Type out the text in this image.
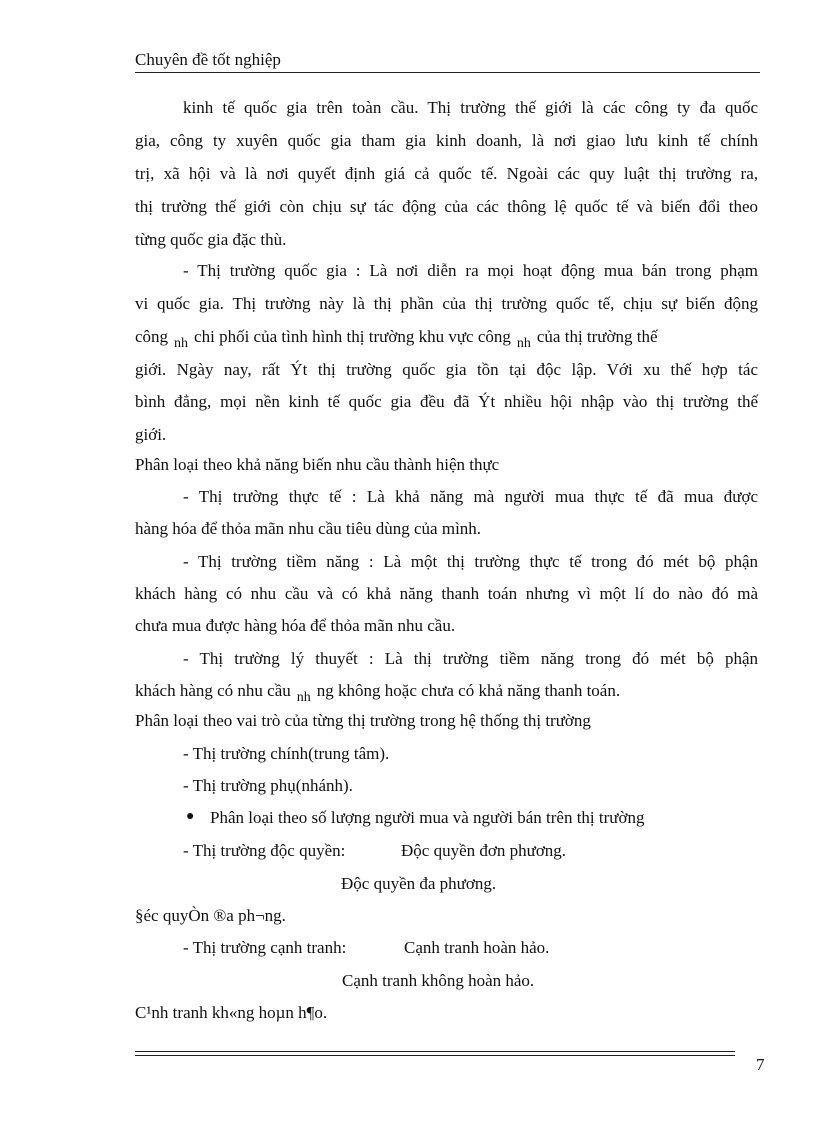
Chuyên đề tốt nghiệp
kinh tế quốc gia trên toàn cầu. Thị trường thế giới là các công ty đa quốc
gia, công ty xuyên quốc gia tham gia kinh doanh, là nơi giao lưu kinh tế chính
trị, xã hội và là nơi quyết định giá cả quốc tế. Ngoài các quy luật thị trường ra,
thị trường thế giới còn chịu sự tác động của các thông lệ quốc tế và biến đổi theo
từng quốc gia đặc thù.
- Thị trường quốc gia : Là nơi diễn ra mọi hoạt động mua bán trong phạm
vi quốc gia. Thị trường này là thị phần của thị trường quốc tế, chịu sự biến động
công $_{nh}$ chi phối của tình hình thị trường khu vực công $_{nh}$ của thị trường thế
giới. Ngày nay, rất Ýt thị trường quốc gia tồn tại độc lập. Với xu thế hợp tác
bình đẳng, mọi nền kinh tế quốc gia đều đã Ýt nhiều hội nhập vào thị trường thế
giới.
Phân loại theo khả năng biến nhu cầu thành hiện thực
- Thị trường thực tế : Là khả năng mà người mua thực tế đã mua được
hàng hóa để thỏa mãn nhu cầu tiêu dùng của mình.
- Thị trường tiềm năng : Là một thị trường thực tế trong đó mét bộ phận
khách hàng có nhu cầu và có khả năng thanh toán nhưng vì một lí do nào đó mà
chưa mua được hàng hóa để thỏa mãn nhu cầu.
- Thị trường lý thuyết : Là thị trường tiềm năng trong đó mét bộ phận
khách hàng có nhu cầu $_{nh}$ ng không hoặc chưa có khả năng thanh toán.
Phân loại theo vai trò của từng thị trường trong hệ thống thị trường
- Thị trường chính(trung tâm).
- Thị trường phụ(nhánh).
● Phân loại theo số lượng người mua và người bán trên thị trường
- Thị trường độc quyền:	Độc quyền đơn phương.
Độc quyền đa phương.
§éc quyÒn ®a ph¬ng.
- Thị trường cạnh tranh:	Cạnh tranh hoàn hảo.
Cạnh tranh không hoàn hảo.
C¹nh tranh kh«ng hoµn h¶o.
7
